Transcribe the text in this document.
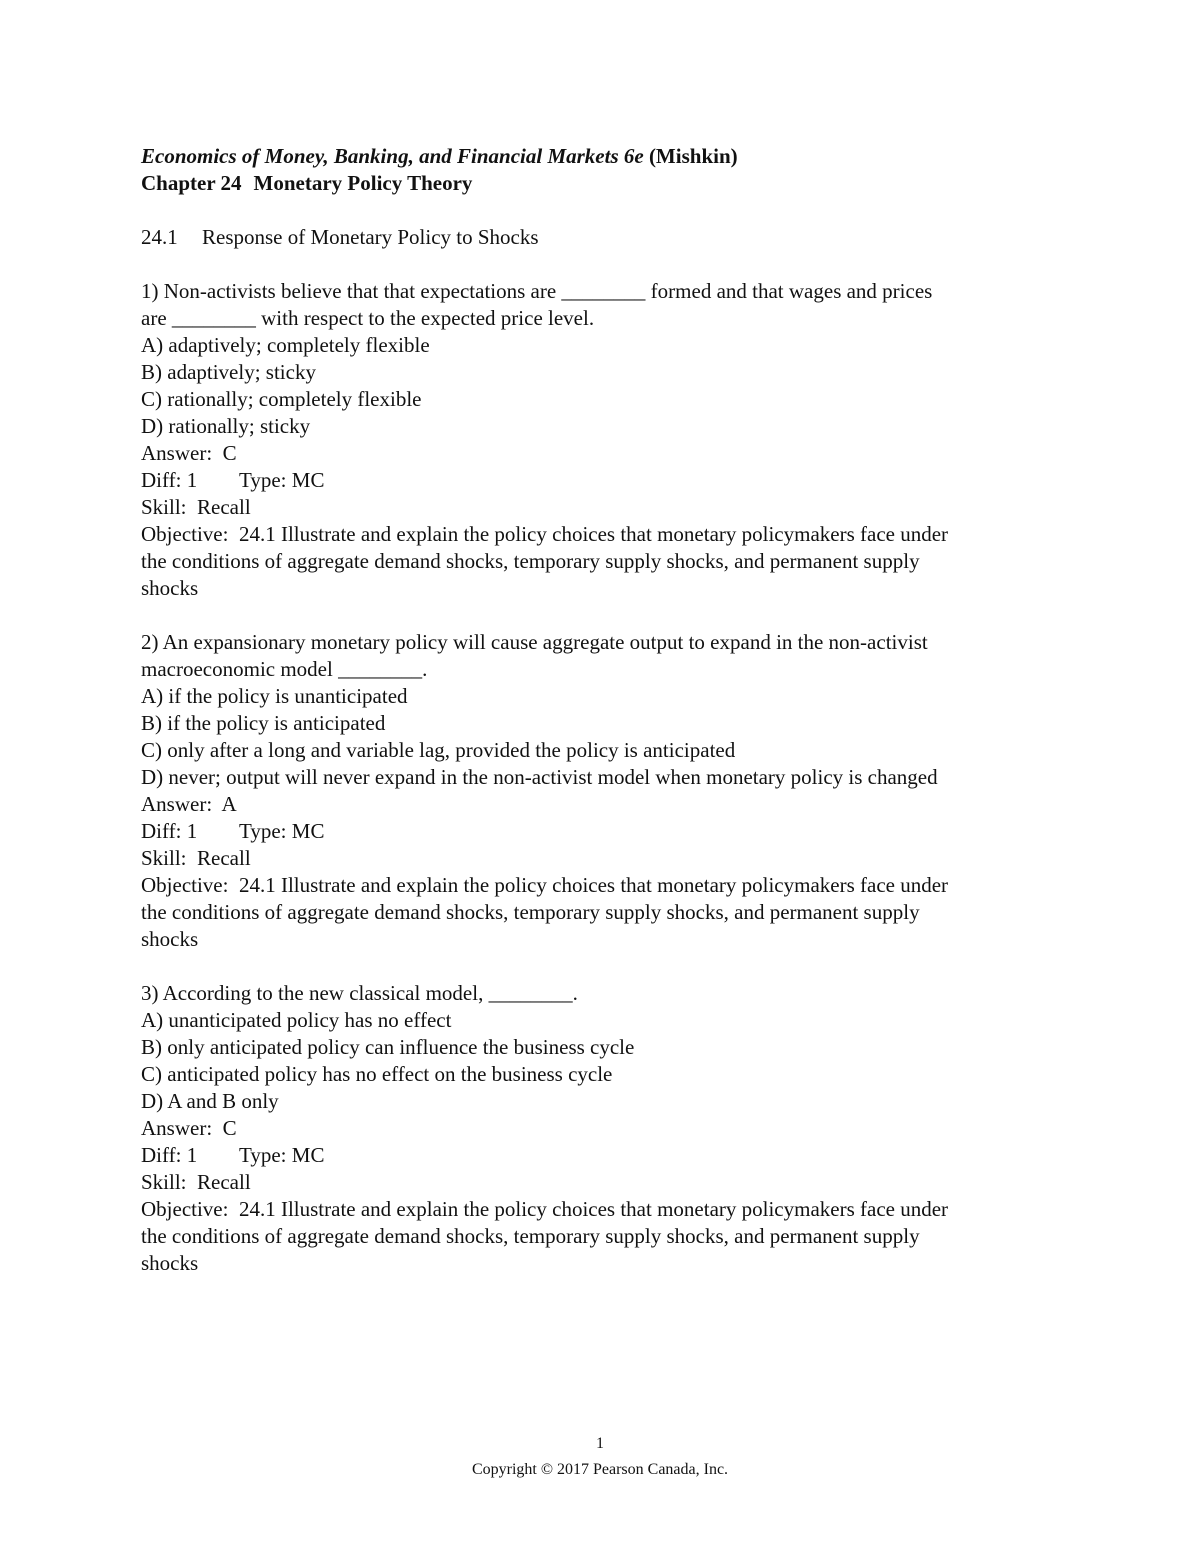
Economics of Money, Banking, and Financial Markets 6e (Mishkin)
Chapter 24 Monetary Policy Theory
24.1 Response of Monetary Policy to Shocks
1) Non-activists believe that that expectations are ________ formed and that wages and prices
are ________ with respect to the expected price level.
A) adaptively; completely flexible
B) adaptively; sticky
C) rationally; completely flexible
D) rationally; sticky
Answer:  C
Diff: 1 Type: MC
Skill:  Recall
Objective:  24.1 Illustrate and explain the policy choices that monetary policymakers face under
the conditions of aggregate demand shocks, temporary supply shocks, and permanent supply
shocks
2) An expansionary monetary policy will cause aggregate output to expand in the non-activist
macroeconomic model ________.
A) if the policy is unanticipated
B) if the policy is anticipated
C) only after a long and variable lag, provided the policy is anticipated
D) never; output will never expand in the non-activist model when monetary policy is changed
Answer:  A
Diff: 1 Type: MC
Skill:  Recall
Objective:  24.1 Illustrate and explain the policy choices that monetary policymakers face under
the conditions of aggregate demand shocks, temporary supply shocks, and permanent supply
shocks
3) According to the new classical model, ________.
A) unanticipated policy has no effect
B) only anticipated policy can influence the business cycle
C) anticipated policy has no effect on the business cycle
D) A and B only
Answer:  C
Diff: 1 Type: MC
Skill:  Recall
Objective:  24.1 Illustrate and explain the policy choices that monetary policymakers face under
the conditions of aggregate demand shocks, temporary supply shocks, and permanent supply
shocks
1
Copyright © 2017 Pearson Canada, Inc.
